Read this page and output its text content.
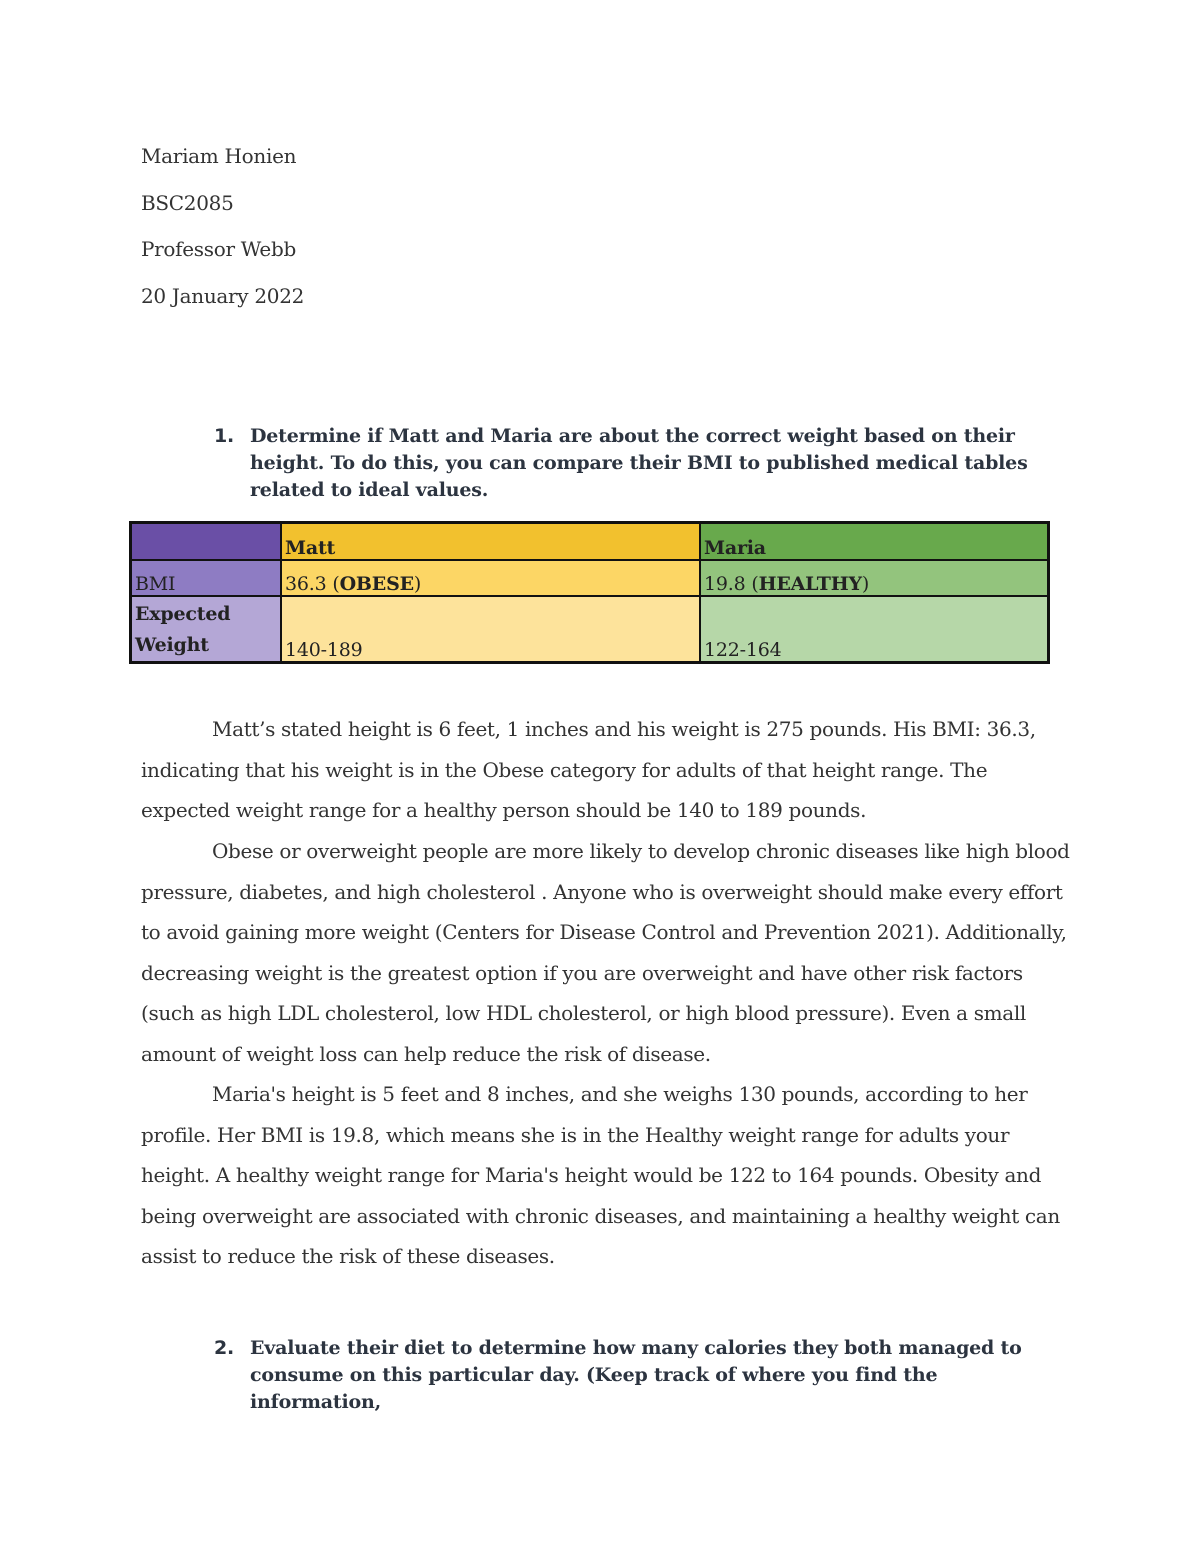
Mariam Honien

BSC2085

Professor Webb

20 January 2022

1. Determine if Matt and Maria are about the correct weight based on their height. To do this, you can compare their BMI to published medical tables related to ideal values.
	Matt	Maria
BMI	36.3 (OBESE)	19.8 (HEALTHY)
Expected Weight	140-189	122-164

Matt’s stated height is 6 feet, 1 inches and his weight is 275 pounds. His BMI: 36.3, indicating that his weight is in the Obese category for adults of that height range. The expected weight range for a healthy person should be 140 to 189 pounds.

Obese or overweight people are more likely to develop chronic diseases like high blood pressure, diabetes, and high cholesterol . Anyone who is overweight should make every effort to avoid gaining more weight (Centers for Disease Control and Prevention 2021). Additionally, decreasing weight is the greatest option if you are overweight and have other risk factors (such as high LDL cholesterol, low HDL cholesterol, or high blood pressure). Even a small amount of weight loss can help reduce the risk of disease.

Maria's height is 5 feet and 8 inches, and she weighs 130 pounds, according to her profile. Her BMI is 19.8, which means she is in the Healthy weight range for adults your height. A healthy weight range for Maria's height would be 122 to 164 pounds. Obesity and being overweight are associated with chronic diseases, and maintaining a healthy weight can assist to reduce the risk of these diseases.

2. Evaluate their diet to determine how many calories they both managed to consume on this particular day. (Keep track of where you find the information,
